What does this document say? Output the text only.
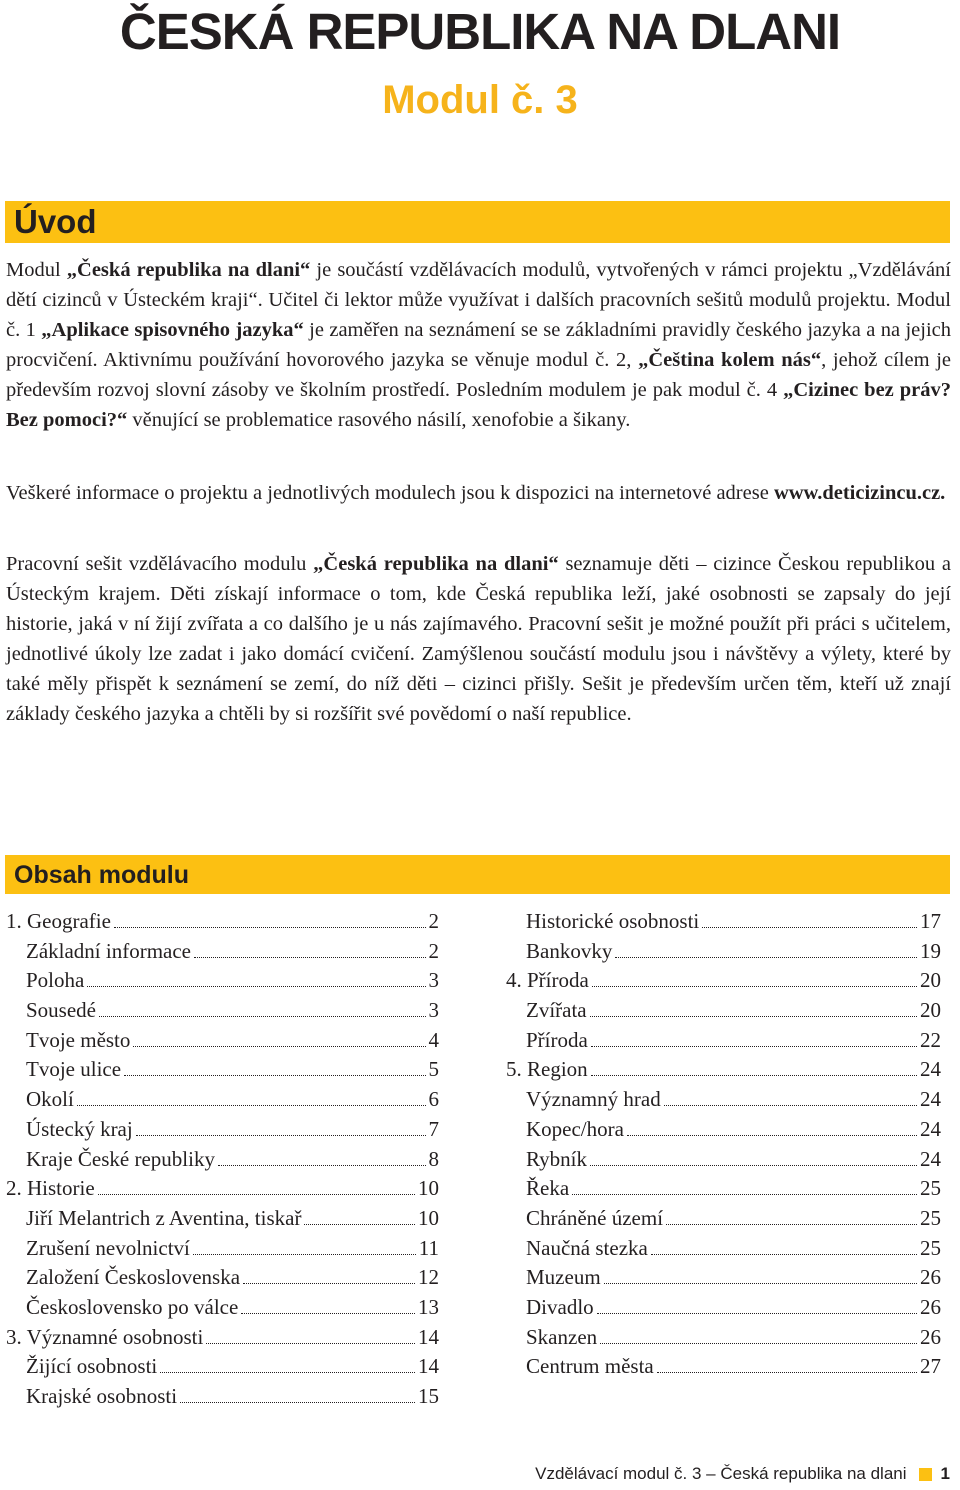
ČESKÁ REPUBLIKA NA DLANI
Modul č. 3
Úvod

Modul „Česká republika na dlani“ je součástí vzdělávacích modulů, vytvořených v rámci projektu „Vzdělávání dětí cizinců v Ústeckém kraji“. Učitel či lektor může využívat i dalších pracovních sešitů modulů projektu. Modul č. 1 „Aplikace spisovného jazyka“ je zaměřen na seznámení se se základními pravidly českého jazyka a na jejich procvičení. Aktivnímu používání hovorového jazyka se věnuje modul č. 2, „Čeština kolem nás“, jehož cílem je především rozvoj slovní zásoby ve školním prostředí. Posledním modulem je pak modul č. 4 „Cizinec bez práv? Bez pomoci?“ věnující se problematice rasového násilí, xenofobie a šikany.

Veškeré informace o projektu a jednotlivých modulech jsou k dispozici na internetové adrese www.deticizincu.cz.

Pracovní sešit vzdělávacího modulu „Česká republika na dlani“ seznamuje děti – cizince Českou republikou a Ústeckým krajem. Děti získají informace o tom, kde Česká republika leží, jaké osobnosti se zapsaly do její historie, jaká v ní žijí zvířata a co dalšího je u nás zajímavého. Pracovní sešit je možné použít při práci s učitelem, jednotlivé úkoly lze zadat i jako domácí cvičení. Zamýšlenou součástí modulu jsou i návštěvy a výlety, které by také měly přispět k seznámení se zemí, do níž děti – cizinci přišly. Sešit je především určen těm, kteří už znají základy českého jazyka a chtěli by si rozšířit své povědomí o naší republice.

Obsah modulu
1. Geografie	2
Základní informace	2
Poloha	3
Sousedé	3
Tvoje město	4
Tvoje ulice	5
Okolí	6
Ústecký kraj	7
Kraje České republiky	8
2. Historie	10
Jiří Melantrich z Aventina, tiskař	10
Zrušení nevolnictví	11
Založení Československa	12
Československo po válce	13
3. Významné osobnosti	14
Žijící osobnosti	14
Krajské osobnosti	15
Historické osobnosti	17
Bankovky	19
4. Příroda	20
Zvířata	20
Příroda	22
5. Region	24
Významný hrad	24
Kopec/hora	24
Rybník	24
Řeka	25
Chráněné území	25
Naučná stezka	25
Muzeum	26
Divadlo	26
Skanzen	26
Centrum města	27
Vzdělávací modul č. 3 – Česká republika na dlani 1
